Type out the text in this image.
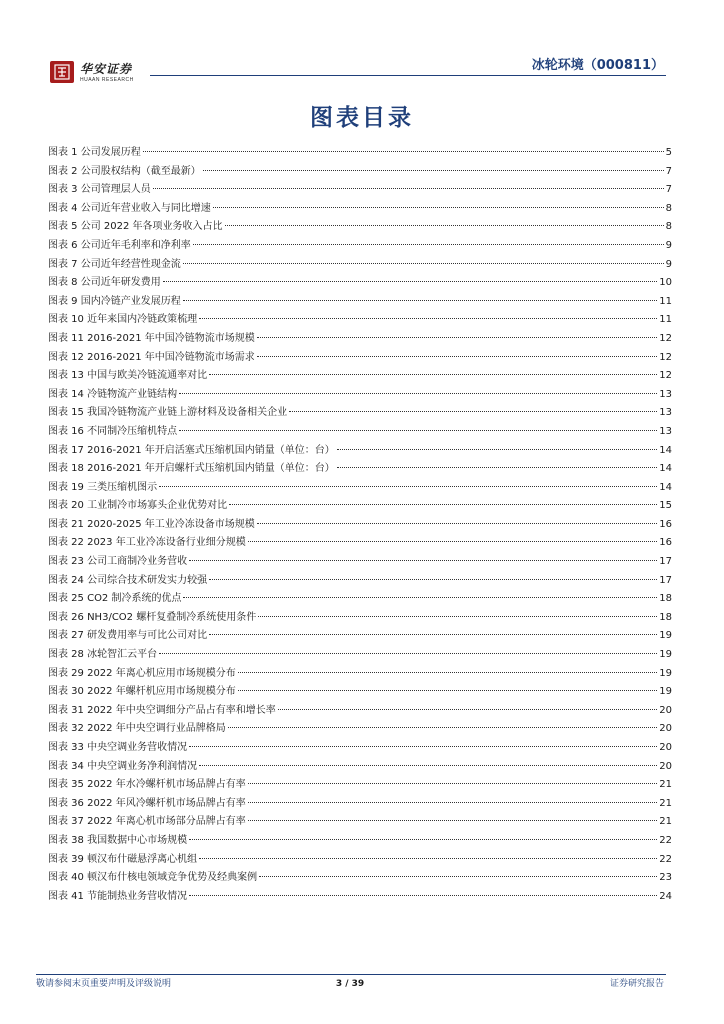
华安证券
HUAAN RESEARCH
冰轮环境（000811）
图表目录
图表 1 公司发展历程	5
图表 2 公司股权结构（截至最新）	7
图表 3 公司管理层人员	7
图表 4 公司近年营业收入与同比增速	8
图表 5 公司 2022 年各项业务收入占比	8
图表 6 公司近年毛利率和净利率	9
图表 7 公司近年经营性现金流	9
图表 8 公司近年研发费用	10
图表 9 国内冷链产业发展历程	11
图表 10 近年来国内冷链政策梳理	11
图表 11 2016-2021 年中国冷链物流市场规模	12
图表 12 2016-2021 年中国冷链物流市场需求	12
图表 13 中国与欧美冷链流通率对比	12
图表 14 冷链物流产业链结构	13
图表 15 我国冷链物流产业链上游材料及设备相关企业	13
图表 16 不同制冷压缩机特点	13
图表 17 2016-2021 年开启活塞式压缩机国内销量（单位：台）	14
图表 18 2016-2021 年开启螺杆式压缩机国内销量（单位：台）	14
图表 19 三类压缩机图示	14
图表 20 工业制冷市场寡头企业优势对比	15
图表 21 2020-2025 年工业冷冻设备市场规模	16
图表 22 2023 年工业冷冻设备行业细分规模	16
图表 23 公司工商制冷业务营收	17
图表 24 公司综合技术研发实力较强	17
图表 25 CO2 制冷系统的优点	18
图表 26 NH3/CO2 螺杆复叠制冷系统使用条件	18
图表 27 研发费用率与可比公司对比	19
图表 28 冰轮智汇云平台	19
图表 29 2022 年离心机应用市场规模分布	19
图表 30 2022 年螺杆机应用市场规模分布	19
图表 31 2022 年中央空调细分产品占有率和增长率	20
图表 32 2022 年中央空调行业品牌格局	20
图表 33 中央空调业务营收情况	20
图表 34 中央空调业务净利润情况	20
图表 35 2022 年水冷螺杆机市场品牌占有率	21
图表 36 2022 年风冷螺杆机市场品牌占有率	21
图表 37 2022 年离心机市场部分品牌占有率	21
图表 38 我国数据中心市场规模	22
图表 39 顿汉布什磁悬浮离心机组	22
图表 40 顿汉布什核电领域竞争优势及经典案例	23
图表 41 节能制热业务营收情况	24
敬请参阅末页重要声明及评级说明	3 / 39	证券研究报告
